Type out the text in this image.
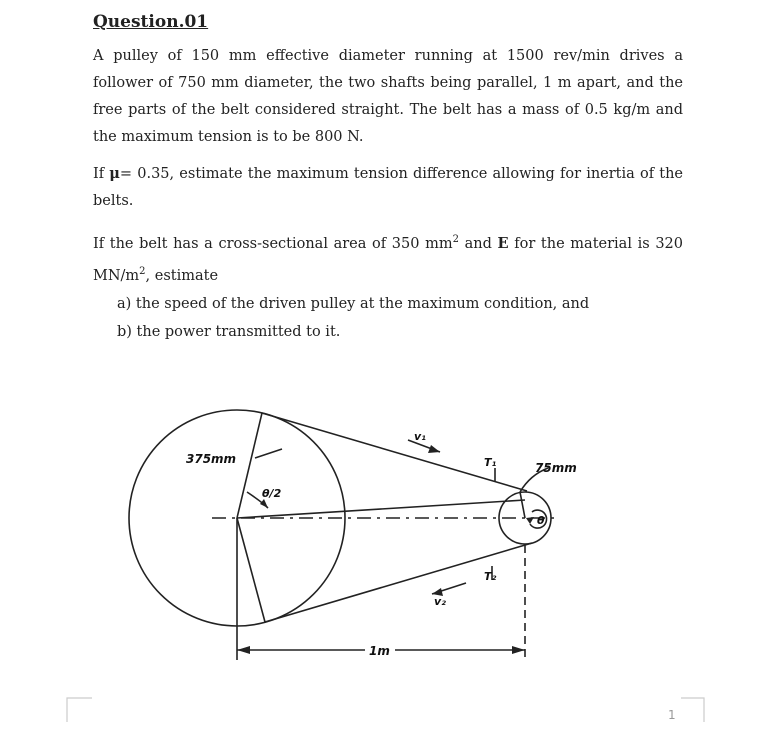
Question.01
A pulley of 150 mm effective diameter running at 1500 rev/min drives a follower of 750 mm diameter, the two shafts being parallel, 1 m apart, and the free parts of the belt considered straight. The belt has a mass of 0.5 kg/m and the maximum tension is to be 800 N.
If μ= 0.35, estimate the maximum tension difference allowing for inertia of the belts.
If the belt has a cross-sectional area of 350 $mm^2$ and E for the material is 320 $MN/m^2$, estimate
a) the speed of the driven pulley at the maximum condition, and
b) the power transmitted to it.
375mm
75mm
θ/2
θ
v₁
v₂
T₁
T₂
1m
1
